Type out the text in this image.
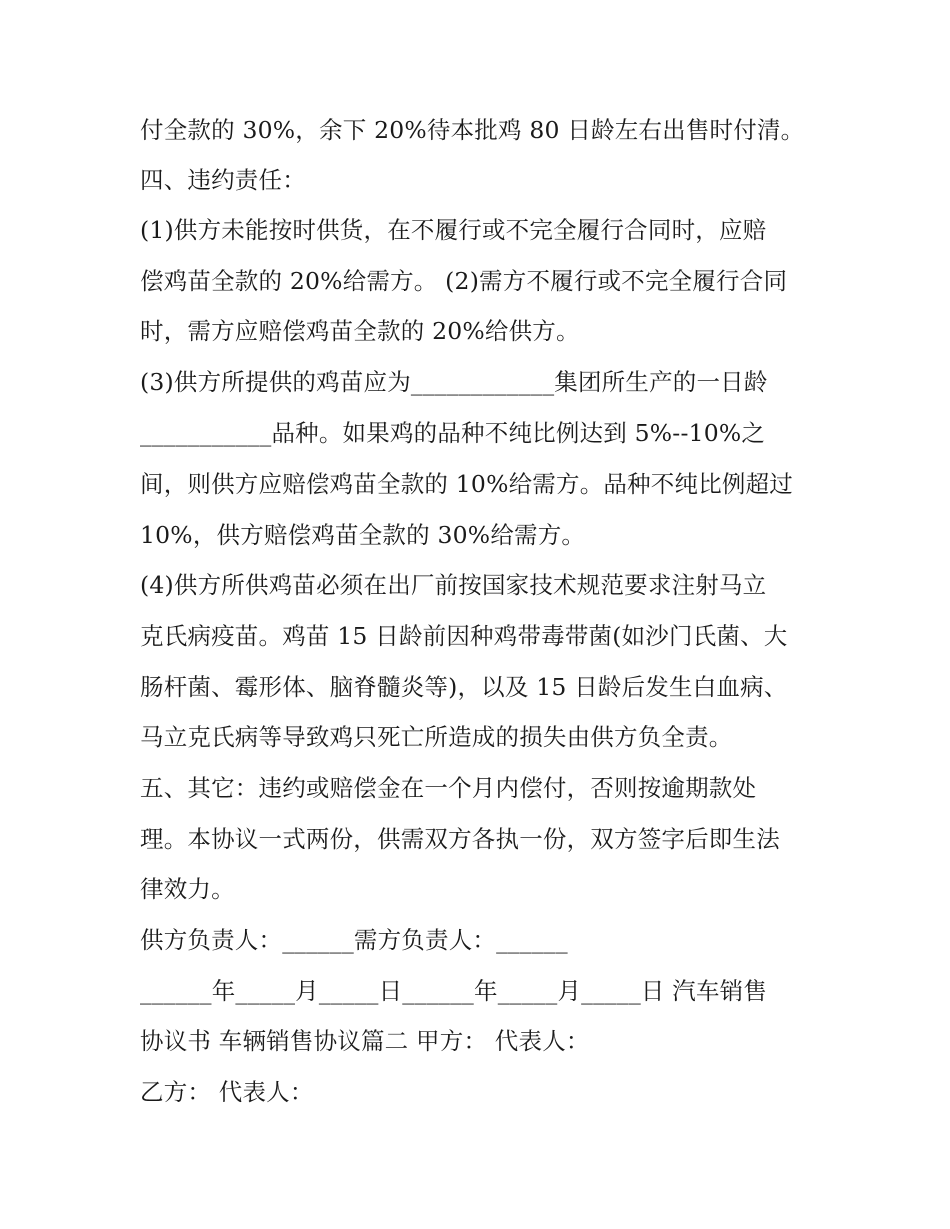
付全款的 30%，余下 20%待本批鸡 80 日龄左右出售时付清。

四、违约责任：

(1)供方未能按时供货，在不履行或不完全履行合同时，应赔

偿鸡苗全款的 20%给需方。 (2)需方不履行或不完全履行合同

时，需方应赔偿鸡苗全款的 20%给供方。

(3)供方所提供的鸡苗应为____________集团所生产的一日龄

___________品种。如果鸡的品种不纯比例达到 5%--10%之

间，则供方应赔偿鸡苗全款的 10%给需方。品种不纯比例超过

10%，供方赔偿鸡苗全款的 30%给需方。

(4)供方所供鸡苗必须在出厂前按国家技术规范要求注射马立

克氏病疫苗。鸡苗 15 日龄前因种鸡带毒带菌(如沙门氏菌、大

肠杆菌、霉形体、脑脊髓炎等)，以及 15 日龄后发生白血病、

马立克氏病等导致鸡只死亡所造成的损失由供方负全责。

五、其它：违约或赔偿金在一个月内偿付，否则按逾期款处

理。本协议一式两份，供需双方各执一份，双方签字后即生法

律效力。

供方负责人：______需方负责人：______

______年_____月_____日______年_____月_____日 汽车销售

协议书 车辆销售协议篇二 甲方： 代表人：

乙方： 代表人：
